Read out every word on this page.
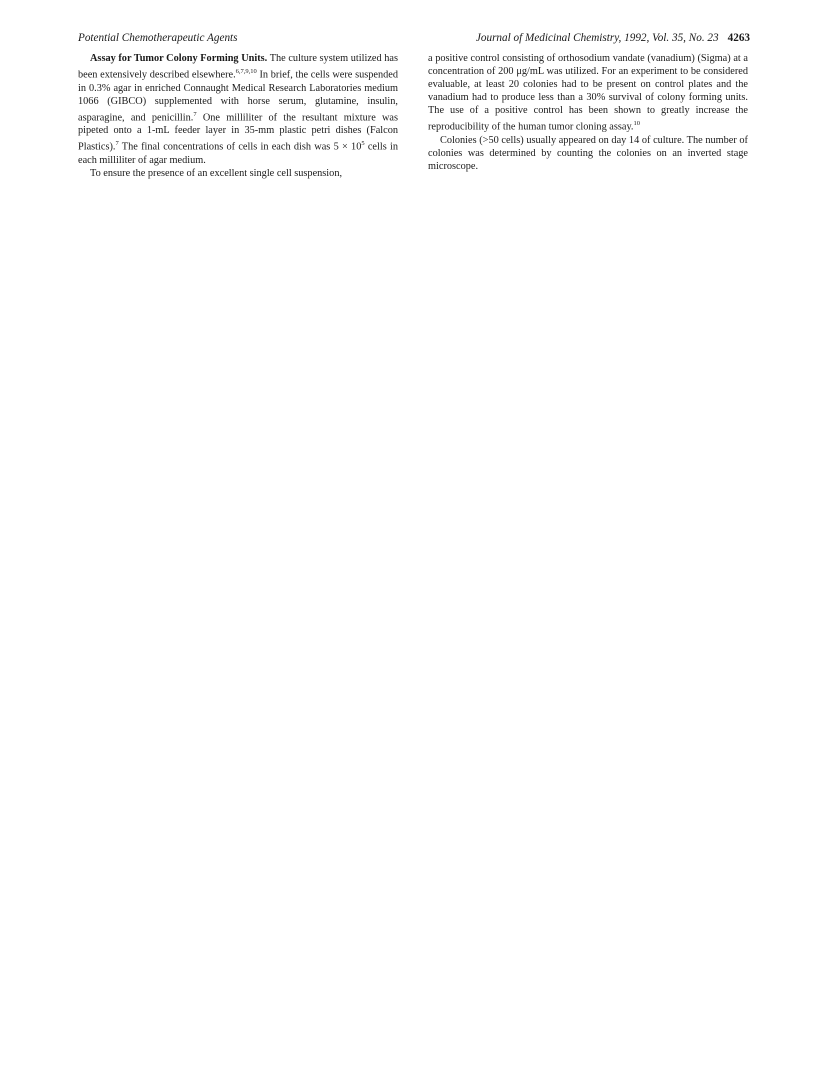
Potential Chemotherapeutic Agents	Journal of Medicinal Chemistry, 1992, Vol. 35, No. 23 4263

Assay for Tumor Colony Forming Units. The culture system utilized has been extensively described elsewhere.$^{6,7,9,10}$ In brief, the cells were suspended in 0.3% agar in enriched Connaught Medical Research Laboratories medium 1066 (GIBCO) supplemented with horse serum, glutamine, insulin, asparagine, and penicillin.$^7$ One milliliter of the resultant mixture was pipeted onto a 1-mL feeder layer in 35-mm plastic petri dishes (Falcon Plastics).$^7$ The final concentrations of cells in each dish was $5 \times 10^5$ cells in each milliliter of agar medium.

To ensure the presence of an excellent single cell suspension,

a positive control consisting of orthosodium vandate (vanadium) (Sigma) at a concentration of 200 μg/mL was utilized. For an experiment to be considered evaluable, at least 20 colonies had to be present on control plates and the vanadium had to produce less than a 30% survival of colony forming units. The use of a positive control has been shown to greatly increase the reproducibility of the human tumor cloning assay.$^{10}$

Colonies (>50 cells) usually appeared on day 14 of culture. The number of colonies was determined by counting the colonies on an inverted stage microscope.
